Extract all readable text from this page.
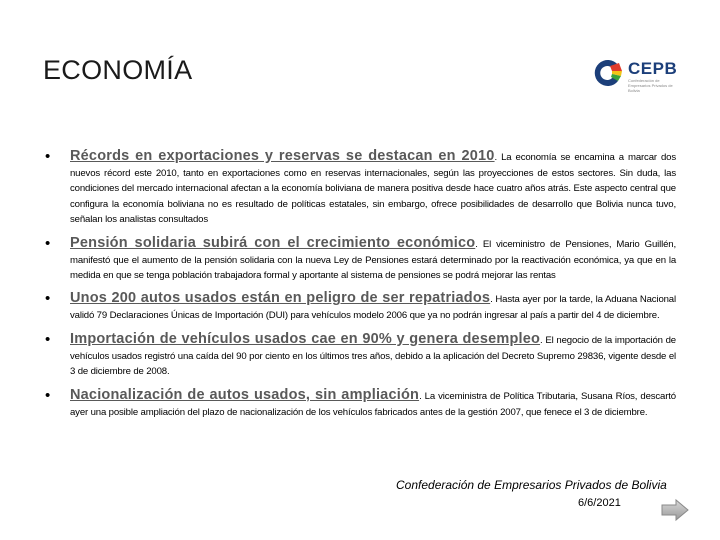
ECONOMÍA	CEPB
Confederación de Empresarios Privados de Bolivia
• Récords en exportaciones y reservas se destacan en 2010. La economía se encamina a marcar dos nuevos récord este 2010, tanto en exportaciones como en reservas internacionales, según las proyecciones de estos sectores. Sin duda, las condiciones del mercado internacional afectan a la economía boliviana de manera positiva desde hace cuatro años atrás. Este aspecto central que configura la economía boliviana no es resultado de políticas estatales, sin embargo, ofrece posibilidades de desarrollo que Bolivia nunca tuvo, señalan los analistas consultados
• Pensión solidaria subirá con el crecimiento económico. El viceministro de Pensiones, Mario Guillén, manifestó que el aumento de la pensión solidaria con la nueva Ley de Pensiones estará determinado por la reactivación económica, ya que en la medida en que se tenga población trabajadora formal y aportante al sistema de pensiones se podrá mejorar las rentas
• Unos 200 autos usados están en peligro de ser repatriados. Hasta ayer por la tarde, la Aduana Nacional validó 79 Declaraciones Únicas de Importación (DUI) para vehículos modelo 2006 que ya no podrán ingresar al país a partir del 4 de diciembre.
• Importación de vehículos usados cae en 90% y genera desempleo. El negocio de la importación de vehículos usados registró una caída del 90 por ciento en los últimos tres años, debido a la aplicación del Decreto Supremo 29836, vigente desde el 3 de diciembre de 2008.
• Nacionalización de autos usados, sin ampliación. La viceministra de Política Tributaria, Susana Ríos, descartó ayer una posible ampliación del plazo de nacionalización de los vehículos fabricados antes de la gestión 2007, que fenece el 3 de diciembre.
Confederación de Empresarios Privados de Bolivia
6/6/2021
